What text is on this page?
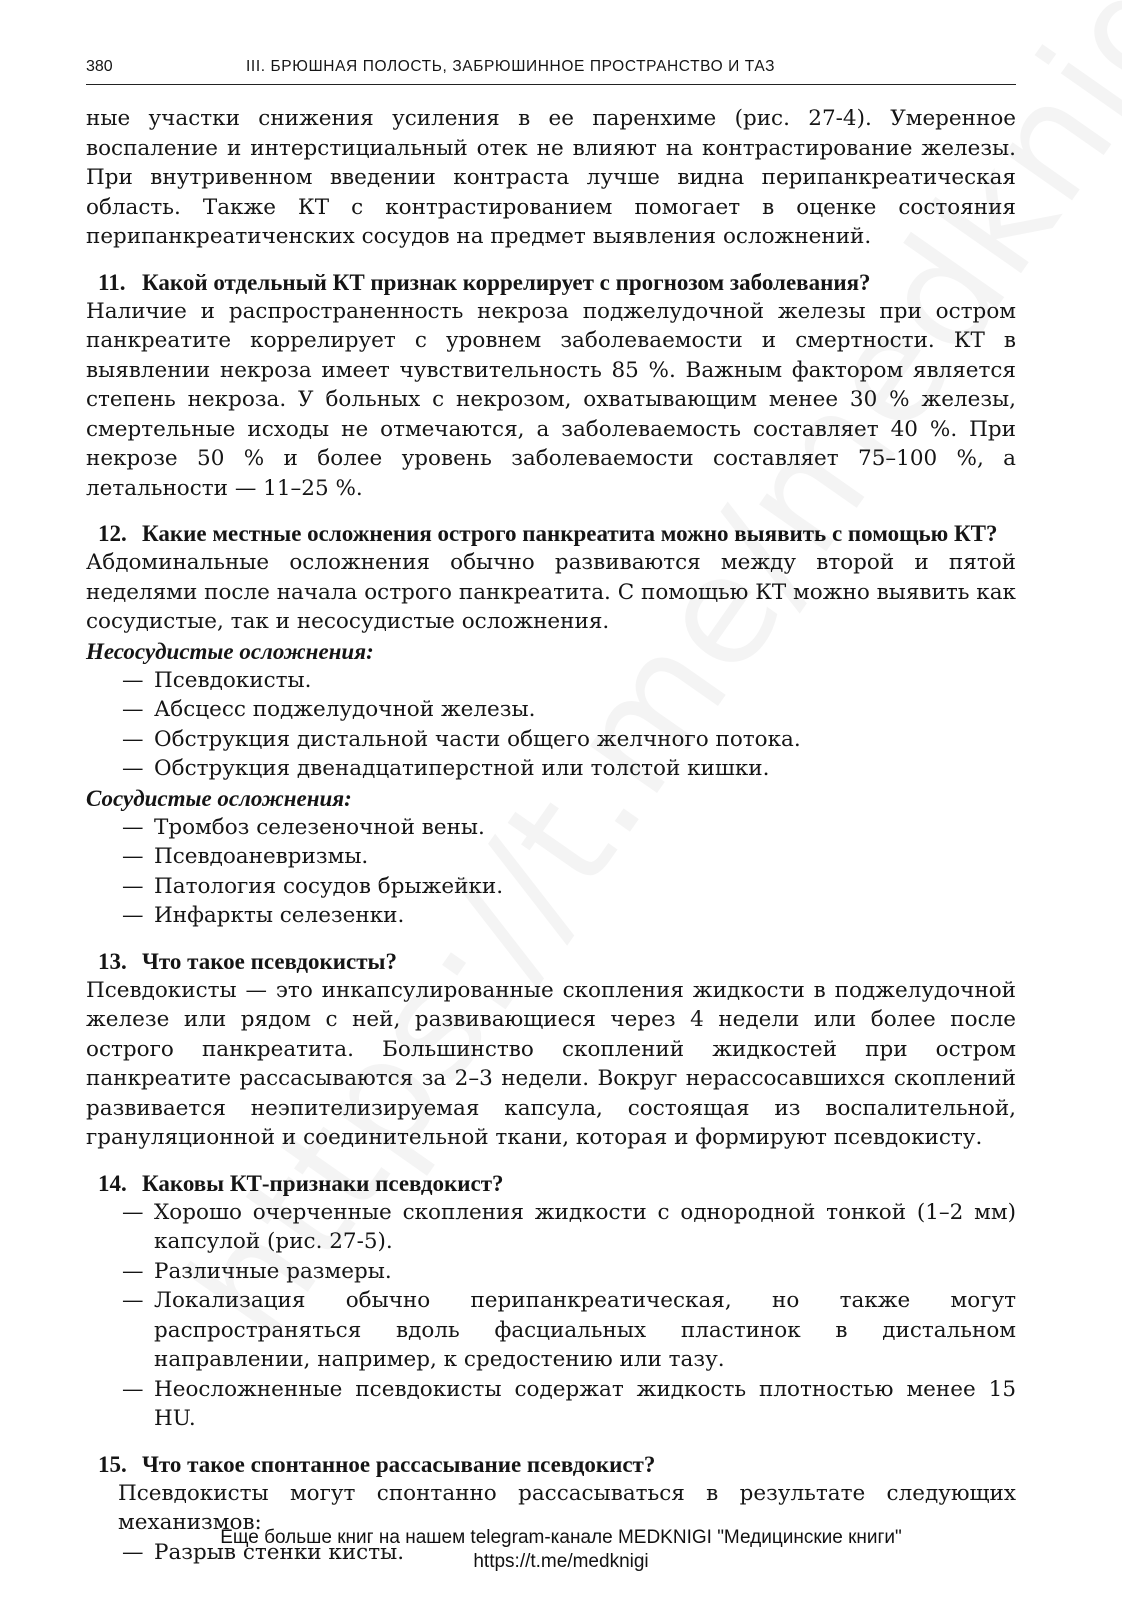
380	III. БРЮШНАЯ ПОЛОСТЬ, ЗАБРЮШИННОЕ ПРОСТРАНСТВО И ТАЗ

ные участки снижения усиления в ее паренхиме (рис. 27-4). Умеренное воспаление и интерстициальный отек не влияют на контрастирование железы. При внутривенном введении контраста лучше видна перипанкреатическая область. Также КТ с контрастированием помогает в оценке состояния перипанкреатиченских сосудов на предмет выявления осложнений.

11. Какой отдельный КТ признак коррелирует с прогнозом заболевания?

Наличие и распространенность некроза поджелудочной железы при остром панкреатите коррелирует с уровнем заболеваемости и смертности. КТ в выявлении некроза имеет чувствительность 85 %. Важным фактором является степень некроза. У больных с некрозом, охватывающим менее 30 % железы, смертельные исходы не отмечаются, а заболеваемость составляет 40 %. При некрозе 50 % и более уровень заболеваемости составляет 75–100 %, а летальности — 11–25 %.

12. Какие местные осложнения острого панкреатита можно выявить с помощью КТ?

Абдоминальные осложнения обычно развиваются между второй и пятой неделями после начала острого панкреатита. С помощью КТ можно выявить как сосудистые, так и несосудистые осложнения.

Несосудистые осложнения:
— Псевдокисты.
— Абсцесс поджелудочной железы.
— Обструкция дистальной части общего желчного потока.
— Обструкция двенадцатиперстной или толстой кишки.
Сосудистые осложнения:
— Тромбоз селезеночной вены.
— Псевдоаневризмы.
— Патология сосудов брыжейки.
— Инфаркты селезенки.
13. Что такое псевдокисты?

Псевдокисты — это инкапсулированные скопления жидкости в поджелудочной железе или рядом с ней, развивающиеся через 4 недели или более после острого панкреатита. Большинство скоплений жидкостей при остром панкреатите рассасываются за 2–3 недели. Вокруг нерассосавшихся скоплений развивается неэпителизируемая капсула, состоящая из воспалительной, грануляционной и соединительной ткани, которая и формируют псевдокисту.

14. Каковы КТ-признаки псевдокист?
— Хорошо очерченные скопления жидкости с однородной тонкой (1–2 мм) капсулой (рис. 27-5).
— Различные размеры.
— Локализация обычно перипанкреатическая, но также могут распространяться вдоль фасциальных пластинок в дистальном направлении, например, к средостению или тазу.
— Неосложненные псевдокисты содержат жидкость плотностью менее 15 HU.
15. Что такое спонтанное рассасывание псевдокист?

Псевдокисты могут спонтанно рассасываться в результате следующих механизмов:

— Разрыв стенки кисты.
Еще больше книг на нашем telegram-канале MEDKNIGI "Медицинские книги"
https://t.me/medknigi
